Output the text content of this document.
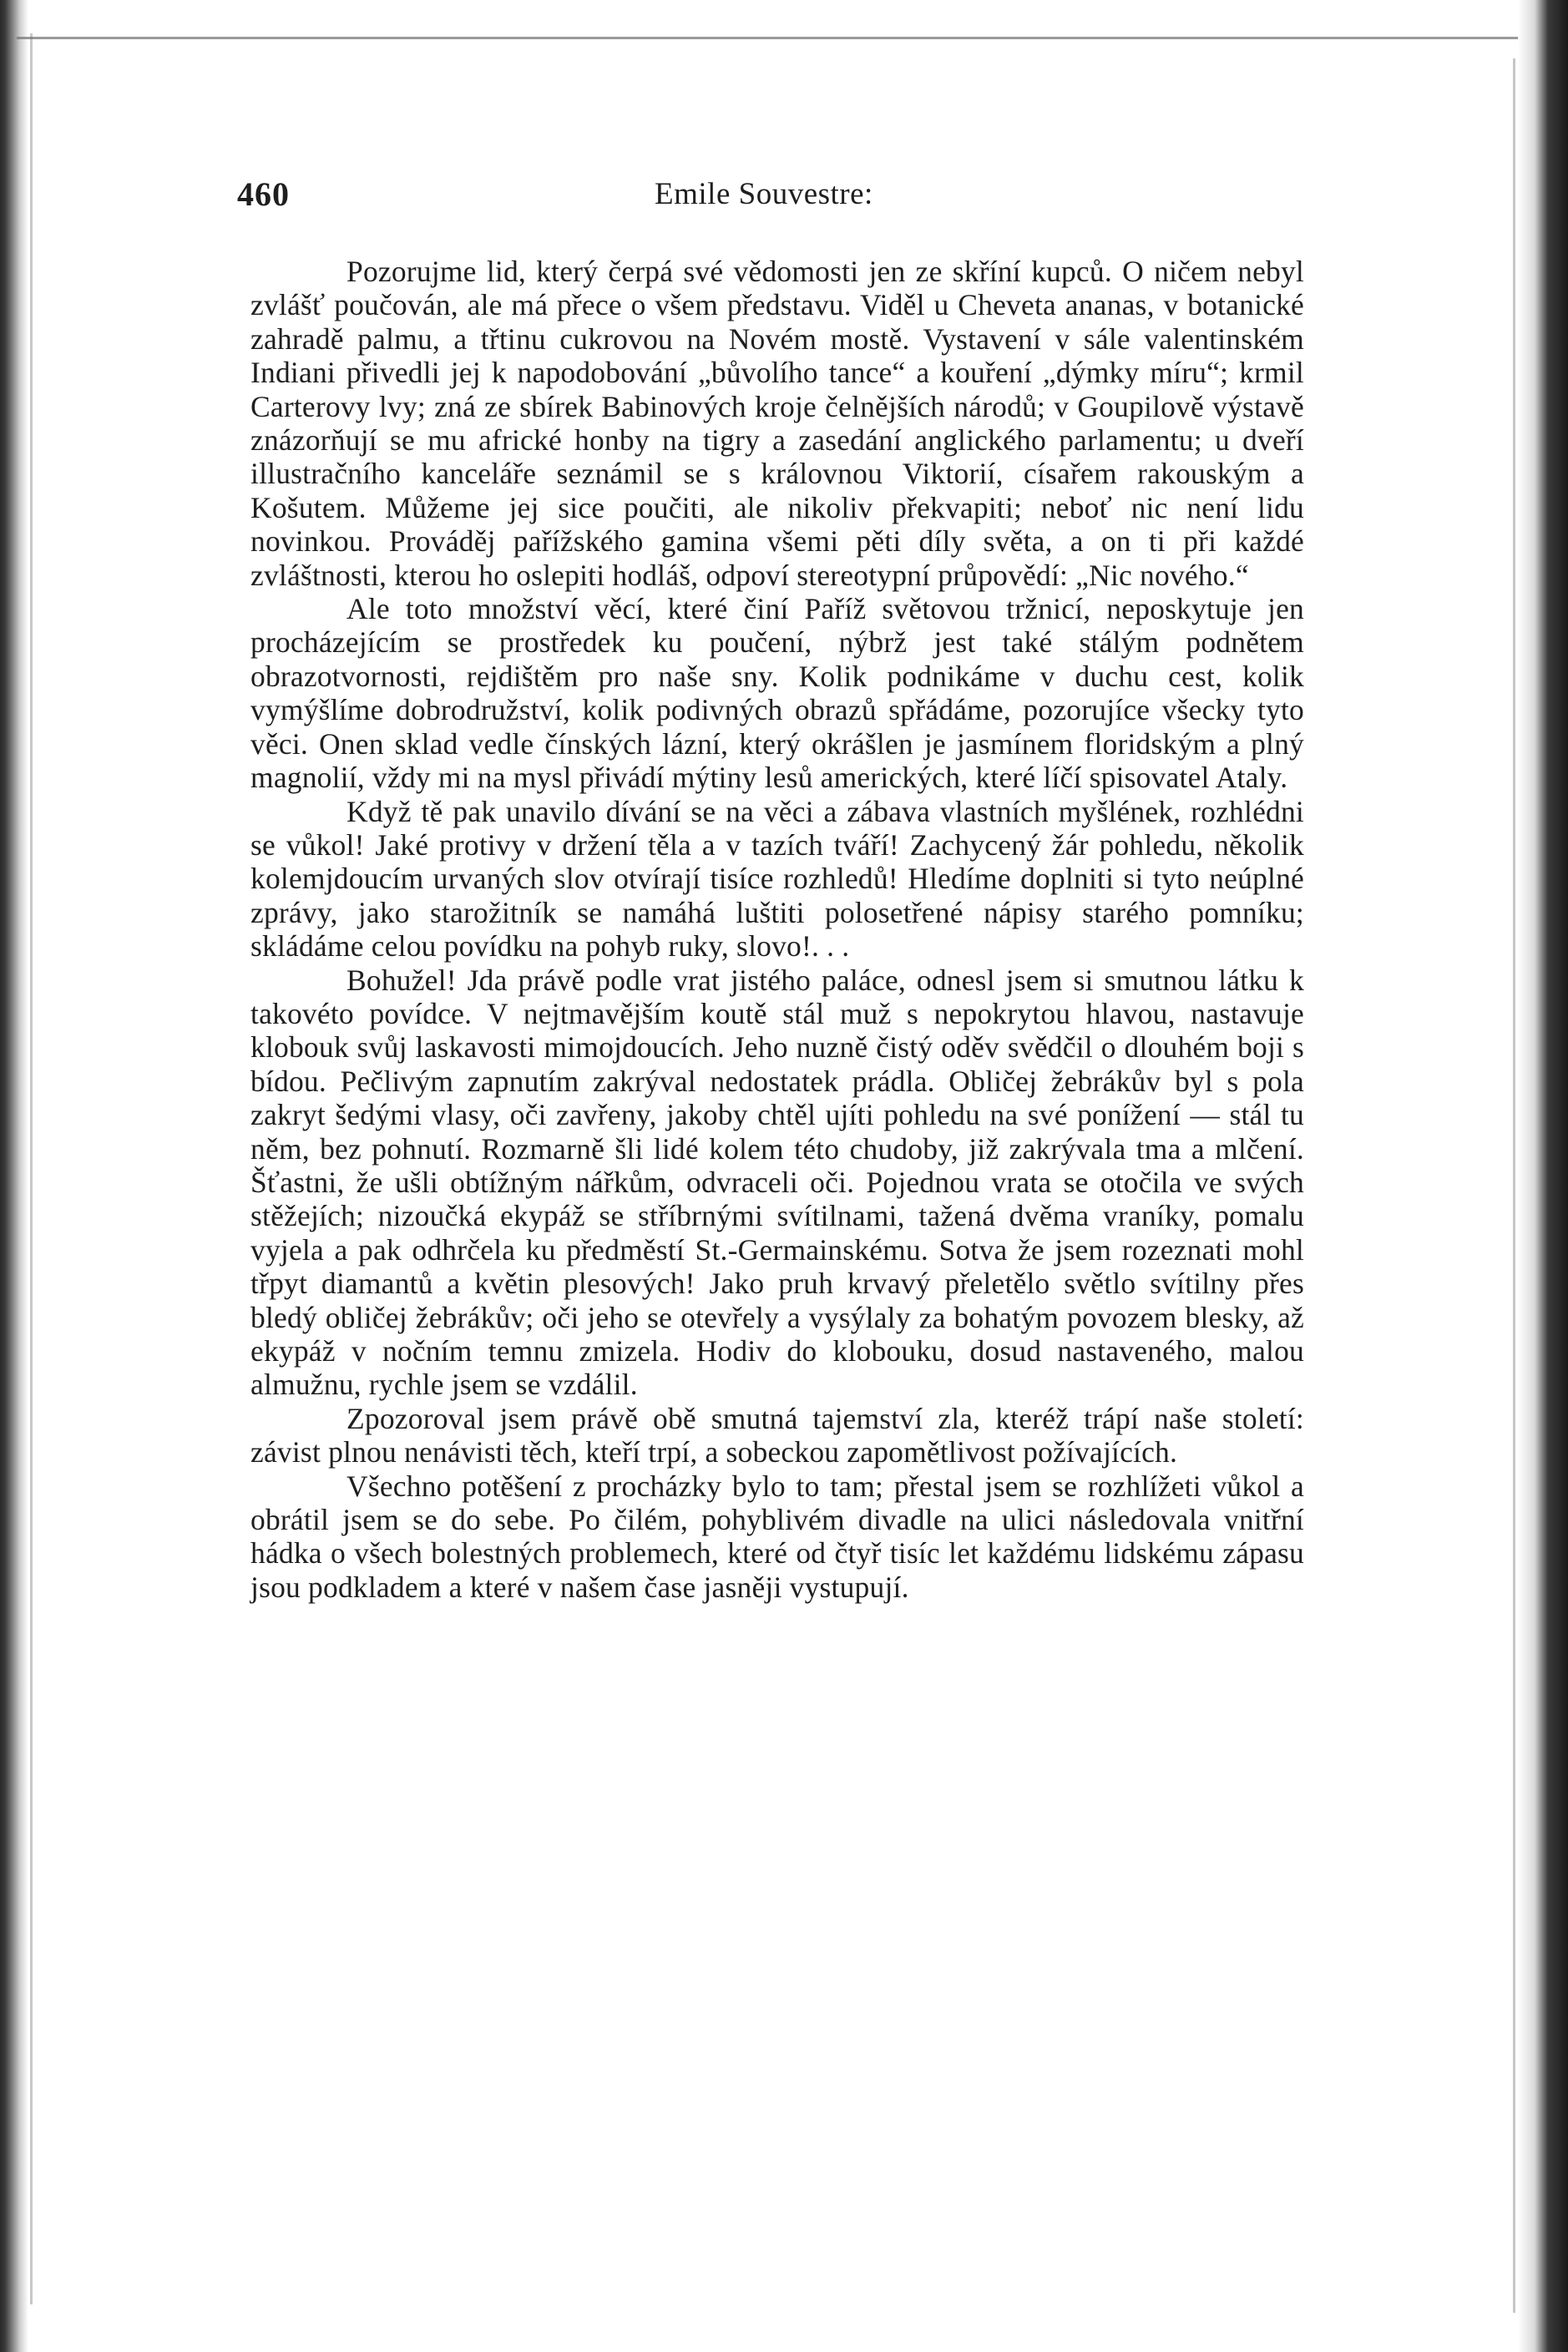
460	Emile Souvestre:

Pozorujme lid, který čerpá své vědomosti jen ze skříní kupců. O ničem nebyl zvlášť poučován, ale má přece o všem představu. Viděl u Cheveta ananas, v botanické zahradě palmu, a třtinu cukrovou na Novém mostě. Vystavení v sále valentinském Indiani přivedli jej k napodobování „bůvolího tance“ a kouření „dýmky míru“; krmil Carterovy lvy; zná ze sbírek Babinových kroje čelnějších národů; v Goupilově výstavě znázorňují se mu africké honby na tigry a zasedání anglického parlamentu; u dveří illustračního kanceláře seznámil se s královnou Viktorií, císařem rakouským a Košutem. Můžeme jej sice poučiti, ale nikoliv překvapiti; neboť nic není lidu novinkou. Prováděj pařížského gamina všemi pěti díly světa, a on ti při každé zvláštnosti, kterou ho oslepiti hodláš, odpoví stereotypní průpovědí: „Nic nového.“

Ale toto množství věcí, které činí Paříž světovou tržnicí, neposkytuje jen procházejícím se prostředek ku poučení, nýbrž jest také stálým podnětem obrazotvornosti, rejdištěm pro naše sny. Kolik podnikáme v duchu cest, kolik vymýšlíme dobrodružství, kolik podivných obrazů spřádáme, pozorujíce všecky tyto věci. Onen sklad vedle čínských lázní, který okrášlen je jasmínem floridským a plný magnolií, vždy mi na mysl přivádí mýtiny lesů amerických, které líčí spisovatel Ataly.

Když tě pak unavilo dívání se na věci a zábava vlastních myšlének, rozhlédni se vůkol! Jaké protivy v držení těla a v tazích tváří! Zachycený žár pohledu, několik kolemjdoucím urvaných slov otvírají tisíce rozhledů! Hledíme doplniti si tyto neúplné zprávy, jako starožitník se namáhá luštiti polosetřené nápisy starého pomníku; skládáme celou povídku na pohyb ruky, slovo!. . .

Bohužel! Jda právě podle vrat jistého paláce, odnesl jsem si smutnou látku k takovéto povídce. V nejtmavějším koutě stál muž s nepokrytou hlavou, nastavuje klobouk svůj laskavosti mimojdoucích. Jeho nuzně čistý oděv svědčil o dlouhém boji s bídou. Pečlivým zapnutím zakrýval nedostatek prádla. Obličej žebrákův byl s pola zakryt šedými vlasy, oči zavřeny, jakoby chtěl ujíti pohledu na své ponížení — stál tu něm, bez pohnutí. Rozmarně šli lidé kolem této chudoby, již zakrývala tma a mlčení. Šťastni, že ušli obtížným nářkům, odvraceli oči. Pojednou vrata se otočila ve svých stěžejích; nizoučká ekypáž se stříbrnými svítilnami, tažená dvěma vraníky, pomalu vyjela a pak odhrčela ku předměstí St.-Germainskému. Sotva že jsem rozeznati mohl třpyt diamantů a květin plesových! Jako pruh krvavý přeletělo světlo svítilny přes bledý obličej žebrákův; oči jeho se otevřely a vysýlaly za bohatým povozem blesky, až ekypáž v nočním temnu zmizela. Hodiv do klobouku, dosud nastaveného, malou almužnu, rychle jsem se vzdálil.

Zpozoroval jsem právě obě smutná tajemství zla, kteréž trápí naše století: závist plnou nenávisti těch, kteří trpí, a sobeckou zapomětlivost požívajících.

Všechno potěšení z procházky bylo to tam; přestal jsem se rozhlížeti vůkol a obrátil jsem se do sebe. Po čilém, pohyblivém divadle na ulici následovala vnitřní hádka o všech bolestných problemech, které od čtyř tisíc let každému lidskému zápasu jsou podkladem a které v našem čase jasněji vystupují.
